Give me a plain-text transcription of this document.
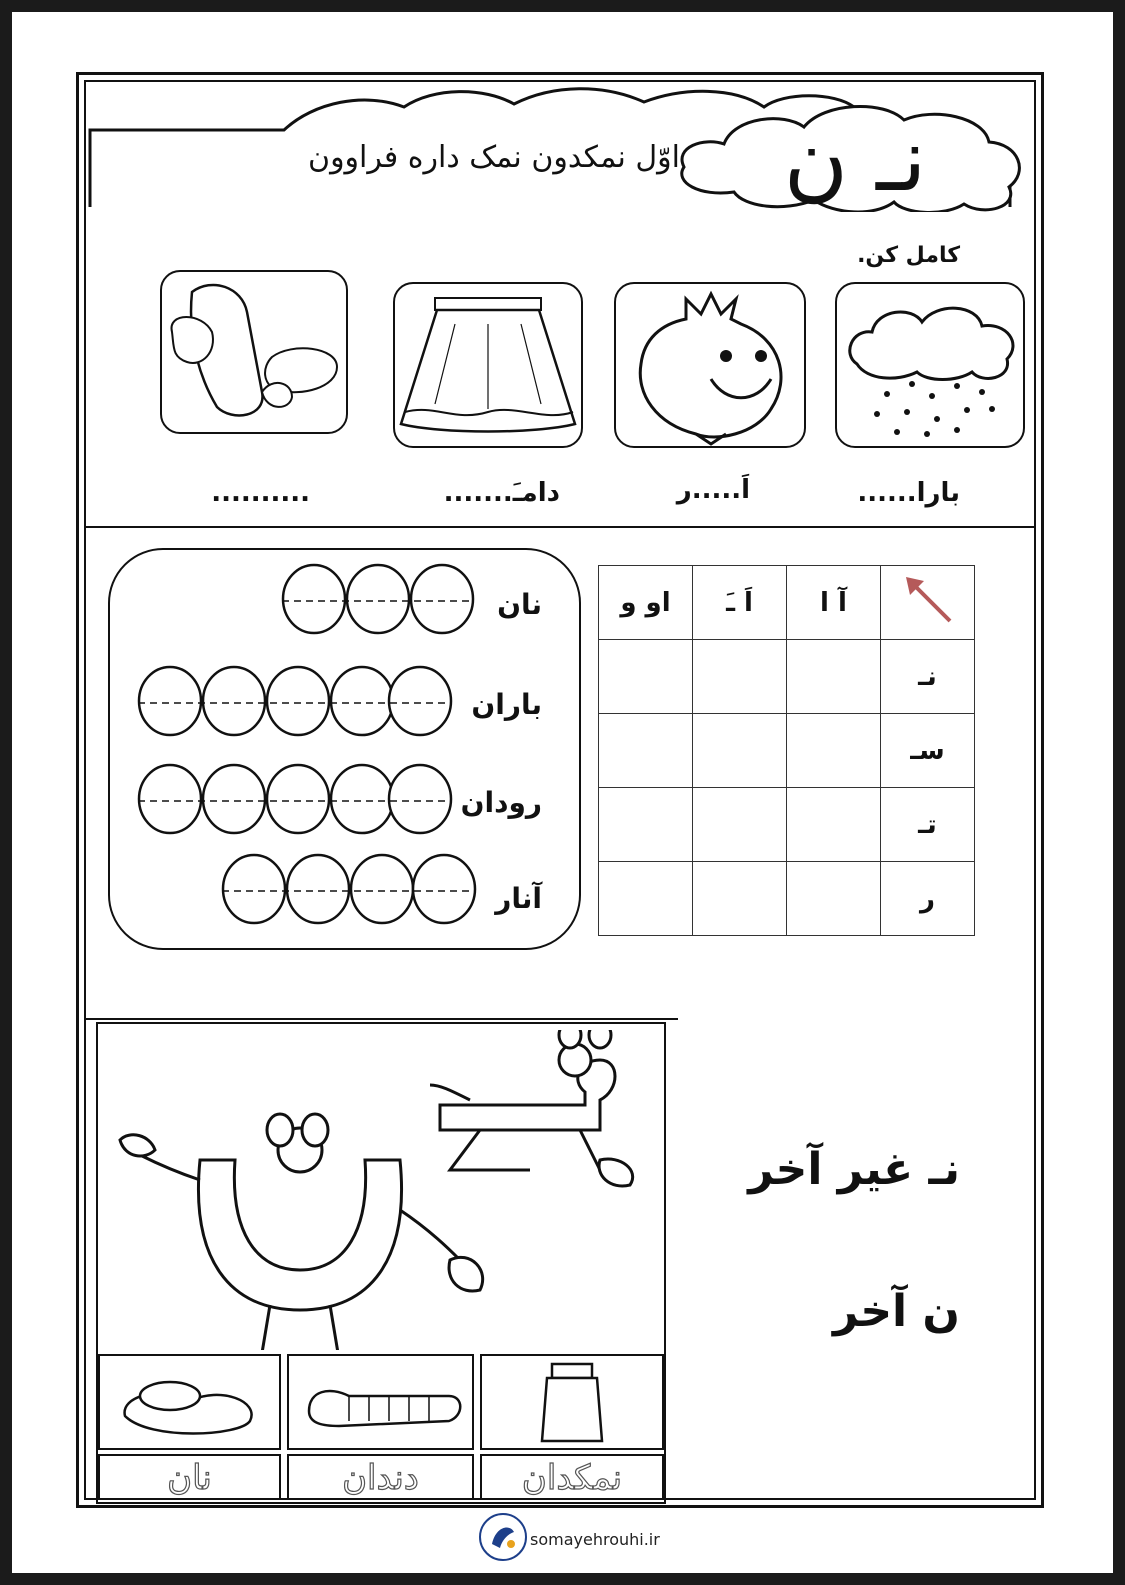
نـ ن
اوّل نمکدون نمک داره فراوون
کامل کن.
بارا......
اَ.....ر
دامـَ.......
..........
نان
باران
رودان
آنار
	آ ا	اَ ـَ	او و
نـ			
سـ			
تـ			
ر			
نان	دندان	نمکدان
نـ غیر آخر
ن آخر
somayehrouhi.ir
